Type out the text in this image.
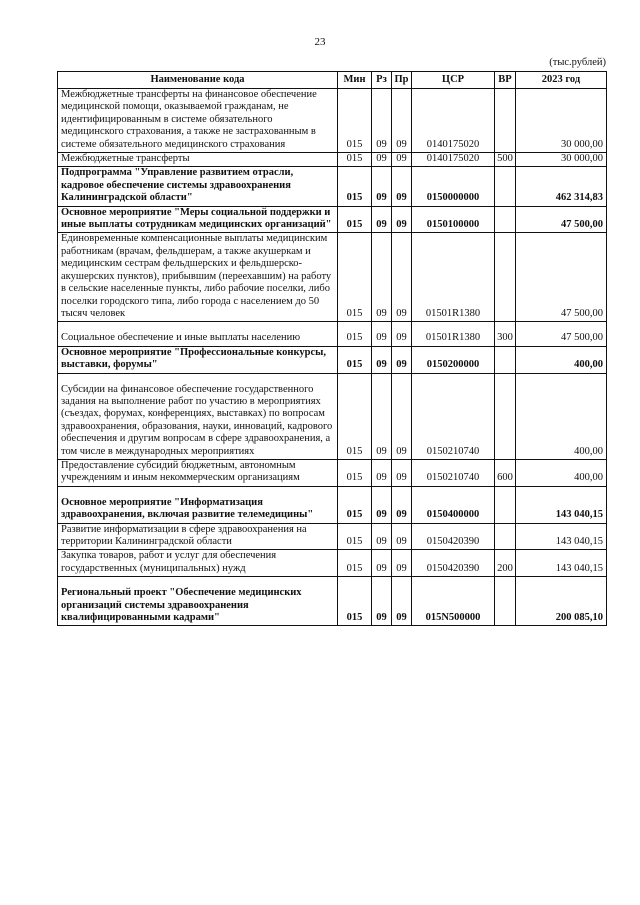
23
(тыс.рублей)
Наименование кода	Мин	Рз	Пр	ЦСР	ВР	2023 год
Межбюджетные трансферты на финансовое обеспечение медицинской помощи, оказываемой гражданам, не идентифицированным в системе обязательного медицинского страхования, а также не застрахованным в системе обязательного медицинского страхования	015	09	09	0140175020		30 000,00
Межбюджетные трансферты	015	09	09	0140175020	500	30 000,00
Подпрограмма "Управление развитием отрасли, кадровое обеспечение системы здравоохранения Калининградской области"	015	09	09	0150000000		462 314,83
Основное мероприятие "Меры социальной поддержки и иные выплаты сотрудникам медицинских организаций"	015	09	09	0150100000		47 500,00
Единовременные компенсационные выплаты медицинским работникам (врачам, фельдшерам, а также акушеркам и медицинским сестрам фельдшерских и фельдшерско-акушерских пунктов), прибывшим (переехавшим) на работу в сельские населенные пункты, либо рабочие поселки, либо поселки городского типа, либо города с населением до 50 тысяч человек	015	09	09	01501R1380		47 500,00
Социальное обеспечение и иные выплаты населению	015	09	09	01501R1380	300	47 500,00
Основное мероприятие "Профессиональные конкурсы, выставки, форумы"	015	09	09	0150200000		400,00
Субсидии на финансовое обеспечение государственного задания на выполнение работ по участию в мероприятиях (съездах, форумах, конференциях, выставках) по вопросам здравоохранения, образования, науки, инноваций, кадрового обеспечения и другим вопросам в сфере здравоохранения, а том числе в международных мероприятиях	015	09	09	0150210740		400,00
Предоставление субсидий бюджетным, автономным учреждениям и иным некоммерческим организациям	015	09	09	0150210740	600	400,00
Основное мероприятие "Информатизация здравоохранения, включая развитие телемедицины"	015	09	09	0150400000		143 040,15
Развитие информатизации в сфере здравоохранения на территории Калининградской области	015	09	09	0150420390		143 040,15
Закупка товаров, работ и услуг для обеспечения государственных (муниципальных) нужд	015	09	09	0150420390	200	143 040,15
Региональный проект "Обеспечение медицинских организаций системы здравоохранения квалифицированными кадрами"	015	09	09	015N500000		200 085,10
